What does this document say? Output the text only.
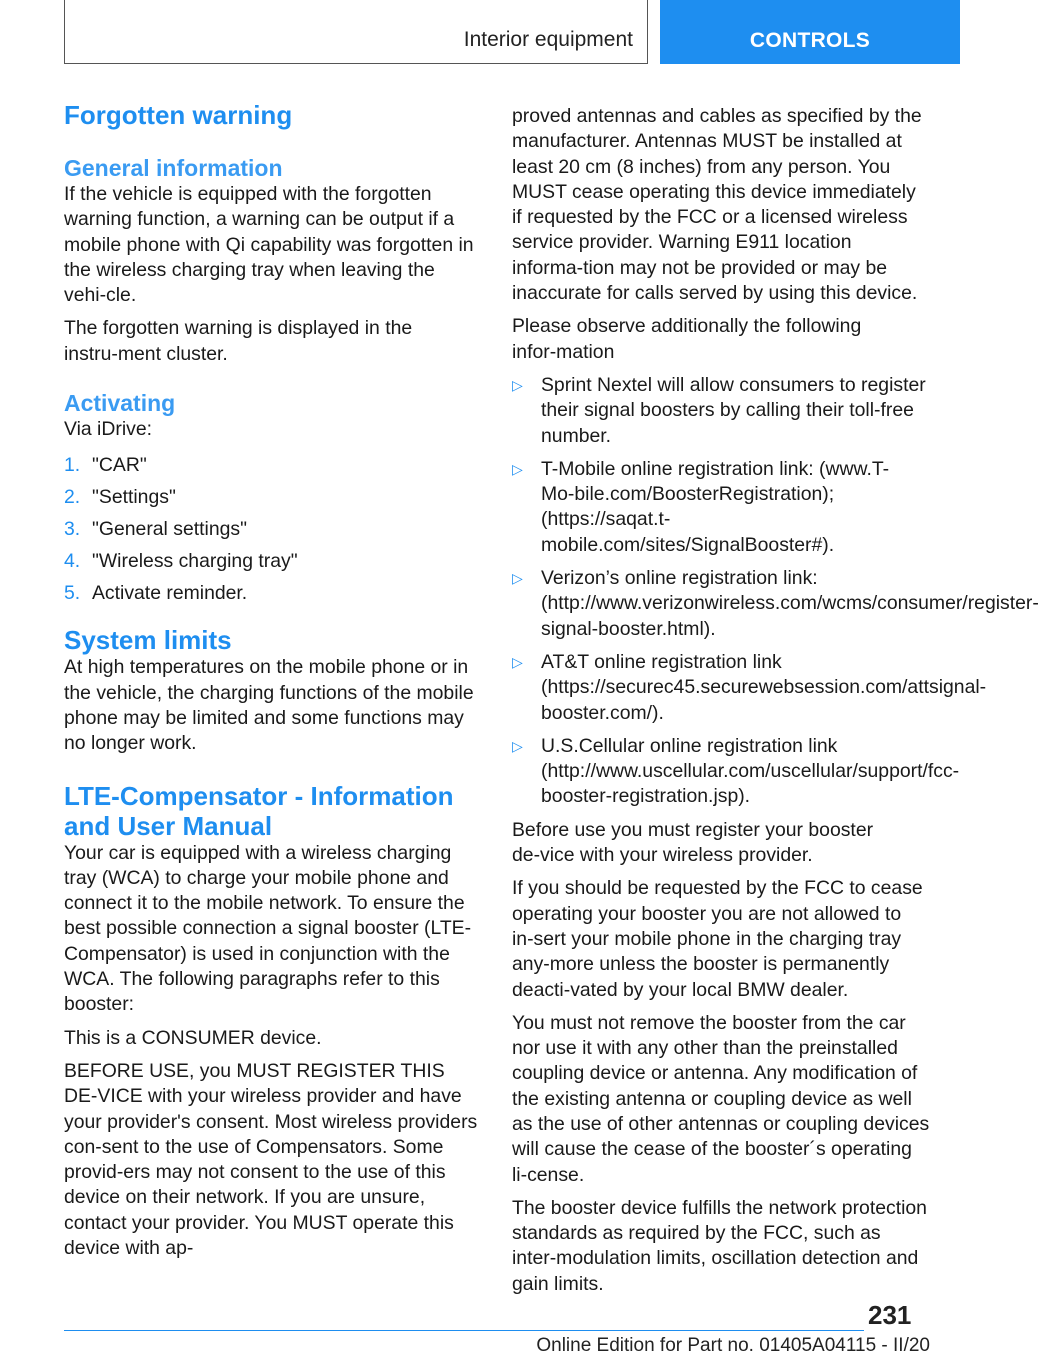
Interior equipment	CONTROLS
Forgotten warning
General information

If the vehicle is equipped with the forgotten warning function, a warning can be output if a mobile phone with Qi capability was forgotten in the wireless charging tray when leaving the vehi‑cle.

The forgotten warning is displayed in the instru‑ment cluster.

Activating

Via iDrive:

1. "CAR"
2. "Settings"
3. "General settings"
4. "Wireless charging tray"
5. Activate reminder.
System limits

At high temperatures on the mobile phone or in the vehicle, the charging functions of the mobile phone may be limited and some functions may no longer work.

LTE-Compensator - Information and User Manual

Your car is equipped with a wireless charging tray (WCA) to charge your mobile phone and connect it to the mobile network. To ensure the best possible connection a signal booster (LTE-Compensator) is used in conjunction with the WCA. The following paragraphs refer to this booster:

This is a CONSUMER device.

BEFORE USE, you MUST REGISTER THIS DE‑VICE with your wireless provider and have your provider's consent. Most wireless providers con‑sent to the use of Compensators. Some provid‑ers may not consent to the use of this device on their network. If you are unsure, contact your provider. You MUST operate this device with ap‑

proved antennas and cables as specified by the manufacturer. Antennas MUST be installed at least 20 cm (8 inches) from any person. You MUST cease operating this device immediately if requested by the FCC or a licensed wireless service provider. Warning E911 location informa‑tion may not be provided or may be inaccurate for calls served by using this device.

Please observe additionally the following infor‑mation

▷ Sprint Nextel will allow consumers to register their signal boosters by calling their toll-free number.
▷ T-Mobile online registration link: (www.T-Mo‑bile.com/BoosterRegistration); (https://saqat.t-mobile.com/sites/SignalBooster#).
▷ Verizon’s online registration link: (http://www.verizonwireless.com/wcms/consumer/register-signal-booster.html).
▷ AT&T online registration link (https://securec45.securewebsession.com/attsignal-booster.com/).
▷ U.S.Cellular online registration link (http://www.uscellular.com/uscellular/support/fcc-booster-registration.jsp).

Before use you must register your booster de‑vice with your wireless provider.

If you should be requested by the FCC to cease operating your booster you are not allowed to in‑sert your mobile phone in the charging tray any‑more unless the booster is permanently deacti‑vated by your local BMW dealer.

You must not remove the booster from the car nor use it with any other than the preinstalled coupling device or antenna. Any modification of the existing antenna or coupling device as well as the use of other antennas or coupling devices will cause the cease of the booster´s operating li‑cense.

The booster device fulfills the network protection standards as required by the FCC, such as inter‑modulation limits, oscillation detection and gain limits.

231
Online Edition for Part no. 01405A04115 - II/20
